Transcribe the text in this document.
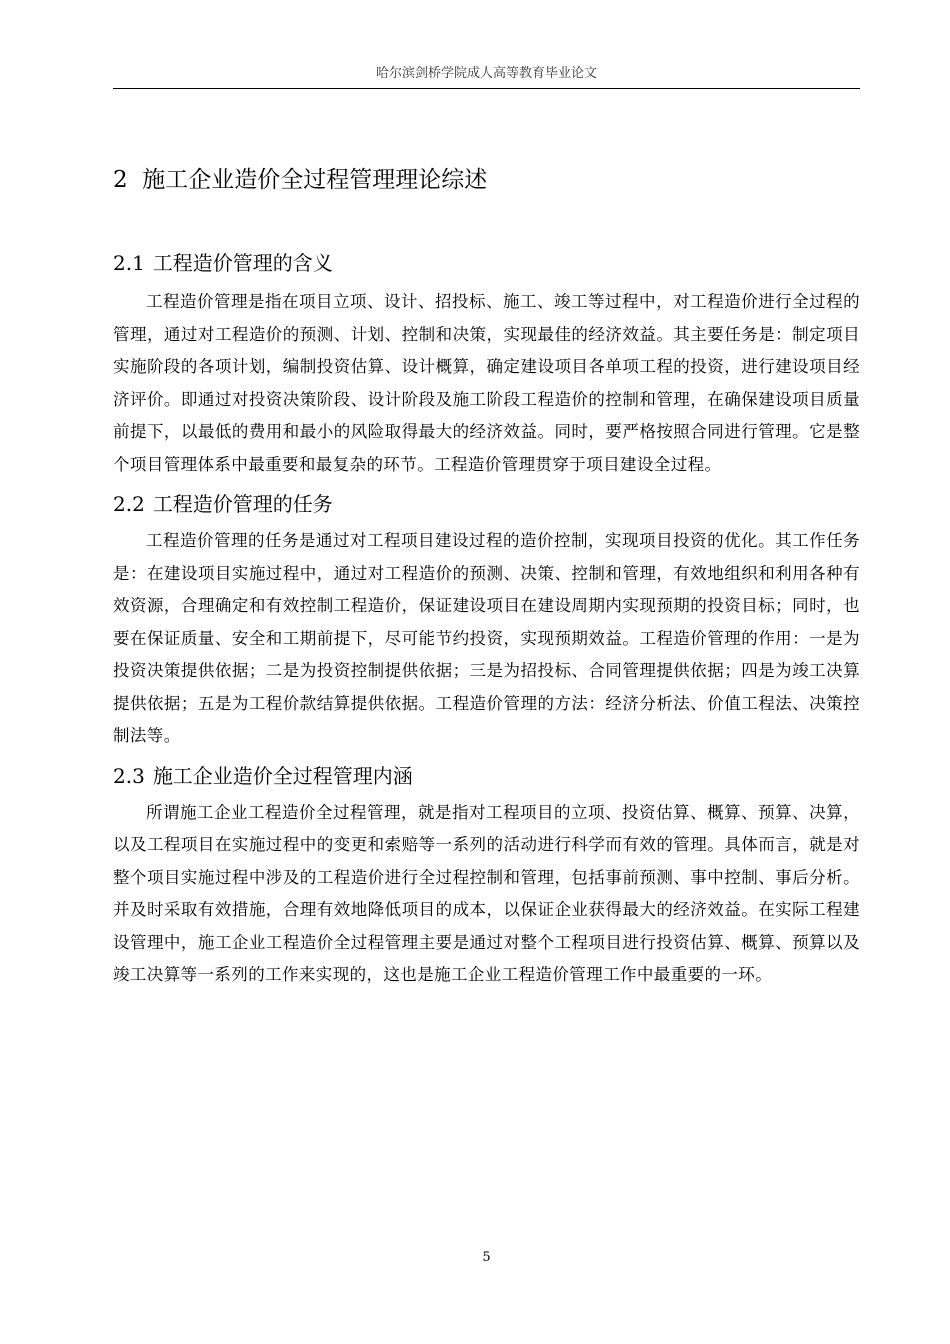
哈尔滨剑桥学院成人高等教育毕业论文
2 施工企业造价全过程管理理论综述
2.1 工程造价管理的含义

工程造价管理是指在项目立项、设计、招投标、施工、竣工等过程中，对工程造价进行全过程的管理，通过对工程造价的预测、计划、控制和决策，实现最佳的经济效益。其主要任务是：制定项目实施阶段的各项计划，编制投资估算、设计概算，确定建设项目各单项工程的投资，进行建设项目经济评价。即通过对投资决策阶段、设计阶段及施工阶段工程造价的控制和管理，在确保建设项目质量前提下，以最低的费用和最小的风险取得最大的经济效益。同时，要严格按照合同进行管理。它是整个项目管理体系中最重要和最复杂的环节。工程造价管理贯穿于项目建设全过程。

2.2 工程造价管理的任务

工程造价管理的任务是通过对工程项目建设过程的造价控制，实现项目投资的优化。其工作任务是：在建设项目实施过程中，通过对工程造价的预测、决策、控制和管理，有效地组织和利用各种有效资源，合理确定和有效控制工程造价，保证建设项目在建设周期内实现预期的投资目标；同时，也要在保证质量、安全和工期前提下，尽可能节约投资，实现预期效益。工程造价管理的作用：一是为投资决策提供依据；二是为投资控制提供依据；三是为招投标、合同管理提供依据；四是为竣工决算提供依据；五是为工程价款结算提供依据。工程造价管理的方法：经济分析法、价值工程法、决策控制法等。

2.3 施工企业造价全过程管理内涵

所谓施工企业工程造价全过程管理，就是指对工程项目的立项、投资估算、概算、预算、决算，以及工程项目在实施过程中的变更和索赔等一系列的活动进行科学而有效的管理。具体而言，就是对整个项目实施过程中涉及的工程造价进行全过程控制和管理，包括事前预测、事中控制、事后分析。并及时采取有效措施，合理有效地降低项目的成本，以保证企业获得最大的经济效益。在实际工程建设管理中，施工企业工程造价全过程管理主要是通过对整个工程项目进行投资估算、概算、预算以及竣工决算等一系列的工作来实现的，这也是施工企业工程造价管理工作中最重要的一环。

5
